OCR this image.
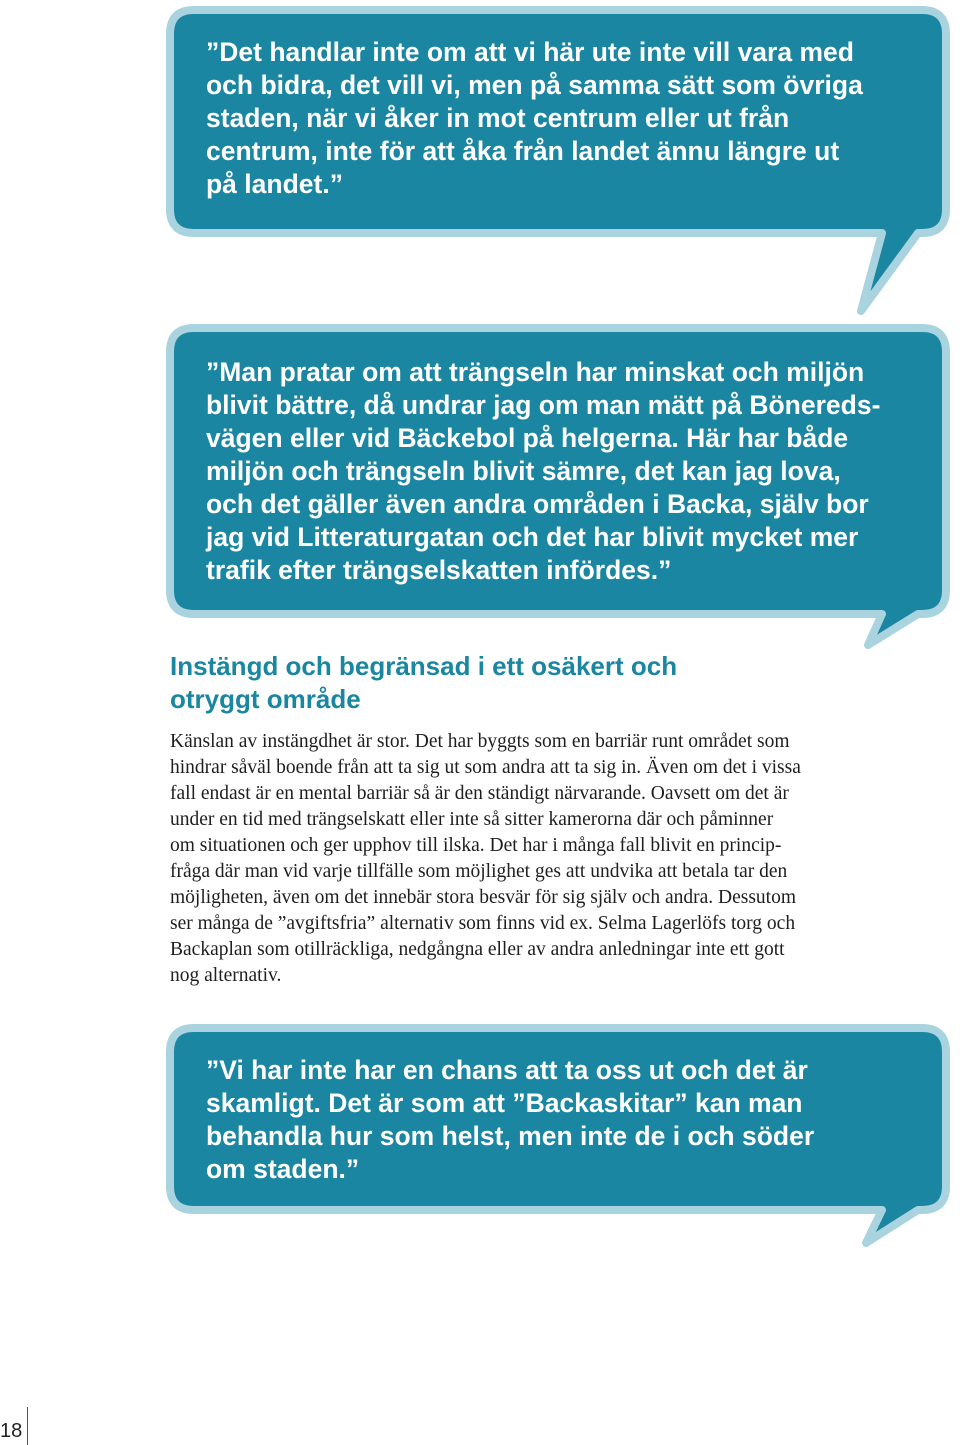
”Det handlar inte om att vi här ute inte vill vara med
och bidra, det vill vi, men på samma sätt som övriga
staden, när vi åker in mot centrum eller ut från
centrum, inte för att åka från landet ännu längre ut
på landet.”

”Man pratar om att trängseln har minskat och miljön
blivit bättre, då undrar jag om man mätt på Bönereds-
vägen eller vid Bäckebol på helgerna. Här har både
miljön och trängseln blivit sämre, det kan jag lova,
och det gäller även andra områden i Backa, själv bor
jag vid Litteraturgatan och det har blivit mycket mer
trafik efter trängselskatten infördes.”

Instängd och begränsad i ett osäkert och
otryggt område

Känslan av instängdhet är stor. Det har byggts som en barriär runt området som
hindrar såväl boende från att ta sig ut som andra att ta sig in. Även om det i vissa
fall endast är en mental barriär så är den ständigt närvarande. Oavsett om det är
under en tid med trängselskatt eller inte så sitter kamerorna där och påminner
om situationen och ger upphov till ilska. Det har i många fall blivit en princip-
fråga där man vid varje tillfälle som möjlighet ges att undvika att betala tar den
möjligheten, även om det innebär stora besvär för sig själv och andra. Dessutom
ser många de ”avgiftsfria” alternativ som finns vid ex. Selma Lagerlöfs torg och
Backaplan som otillräckliga, nedgångna eller av andra anledningar inte ett gott
nog alternativ.

”Vi har inte har en chans att ta oss ut och det är
skamligt. Det är som att ”Backaskitar” kan man
behandla hur som helst, men inte de i och söder
om staden.”

18
